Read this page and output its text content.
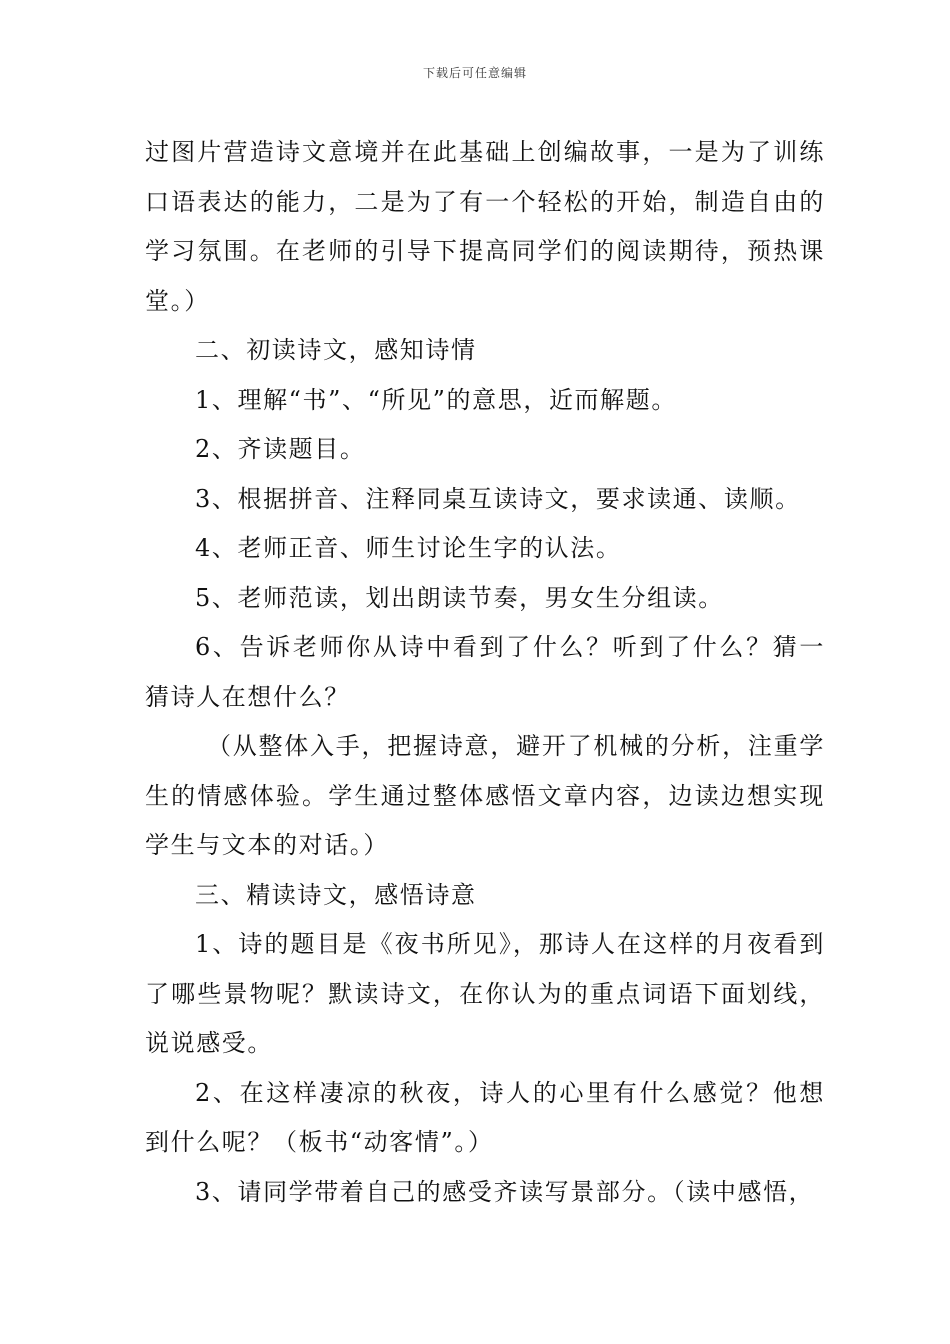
下载后可任意编辑

过图片营造诗文意境并在此基础上创编故事，一是为了训练口语表达的能力，二是为了有一个轻松的开始，制造自由的学习氛围。在老师的引导下提高同学们的阅读期待，预热课堂。）

二、初读诗文，感知诗情

1、理解“书”、“所见”的意思，近而解题。

2、齐读题目。

3、根据拼音、注释同桌互读诗文，要求读通、读顺。

4、老师正音、师生讨论生字的认法。

5、老师范读，划出朗读节奏，男女生分组读。

6、告诉老师你从诗中看到了什么？听到了什么？猜一猜诗人在想什么？

（从整体入手，把握诗意，避开了机械的分析，注重学生的情感体验。学生通过整体感悟文章内容，边读边想实现学生与文本的对话。）

三、精读诗文，感悟诗意

1、诗的题目是《夜书所见》，那诗人在这样的月夜看到了哪些景物呢？默读诗文，在你认为的重点词语下面划线，说说感受。

2、在这样凄凉的秋夜，诗人的心里有什么感觉？他想到什么呢？（板书“动客情”。）

3、请同学带着自己的感受齐读写景部分。（读中感悟，
